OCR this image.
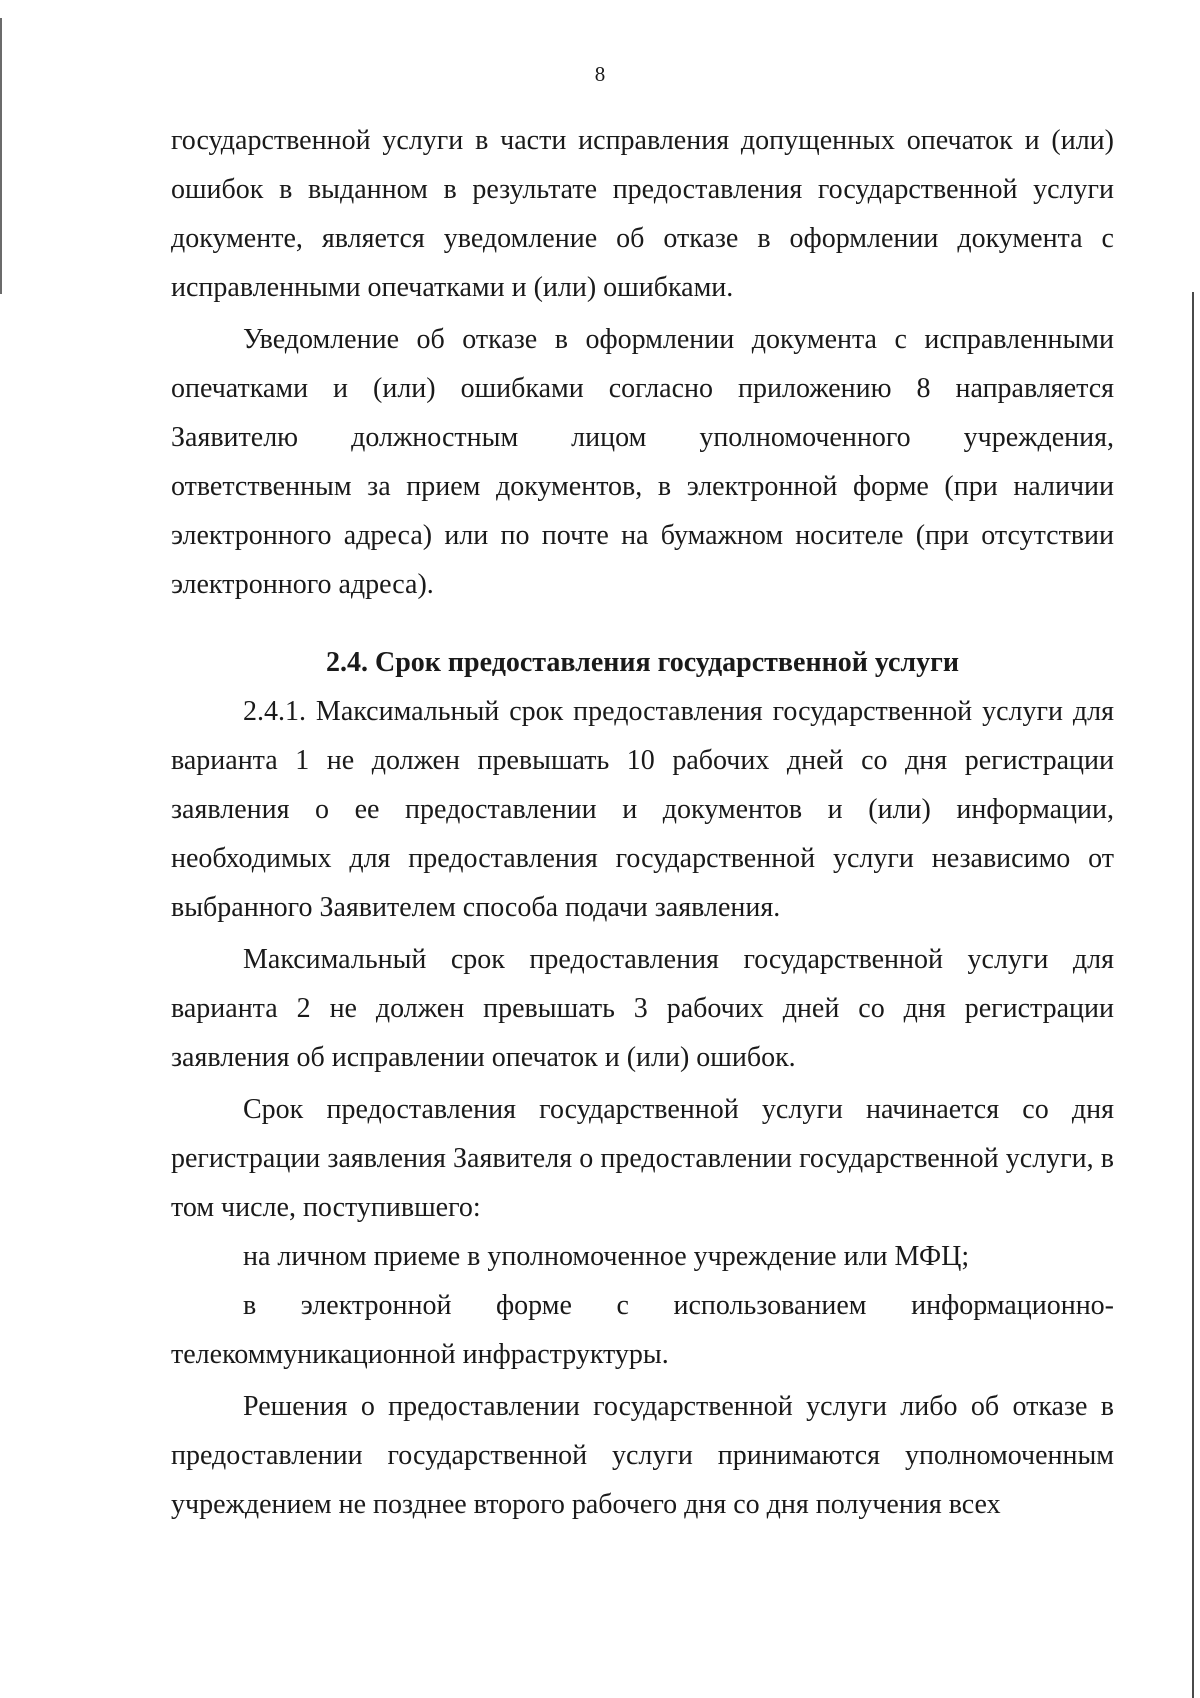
8

государственной услуги в части исправления допущенных опечаток и (или) ошибок в выданном в результате предоставления государственной услуги документе, является уведомление об отказе в оформлении документа с исправленными опечатками и (или) ошибками.

Уведомление об отказе в оформлении документа с исправленными опечатками и (или) ошибками согласно приложению 8 направляется Заявителю должностным лицом уполномоченного учреждения, ответственным за прием документов, в электронной форме (при наличии электронного адреса) или по почте на бумажном носителе (при отсутствии электронного адреса).

2.4. Срок предоставления государственной услуги

2.4.1. Максимальный срок предоставления государственной услуги для варианта 1 не должен превышать 10 рабочих дней со дня регистрации заявления о ее предоставлении и документов и (или) информации, необходимых для предоставления государственной услуги независимо от выбранного Заявителем способа подачи заявления.

Максимальный срок предоставления государственной услуги для варианта 2 не должен превышать 3 рабочих дней со дня регистрации заявления об исправлении опечаток и (или) ошибок.

Срок предоставления государственной услуги начинается со дня регистрации заявления Заявителя о предоставлении государственной услуги, в том числе, поступившего:

на личном приеме в уполномоченное учреждение или МФЦ;

в электронной форме с использованием информационно-телекоммуникационной инфраструктуры.

Решения о предоставлении государственной услуги либо об отказе в предоставлении государственной услуги принимаются уполномоченным учреждением не позднее второго рабочего дня со дня получения всех
